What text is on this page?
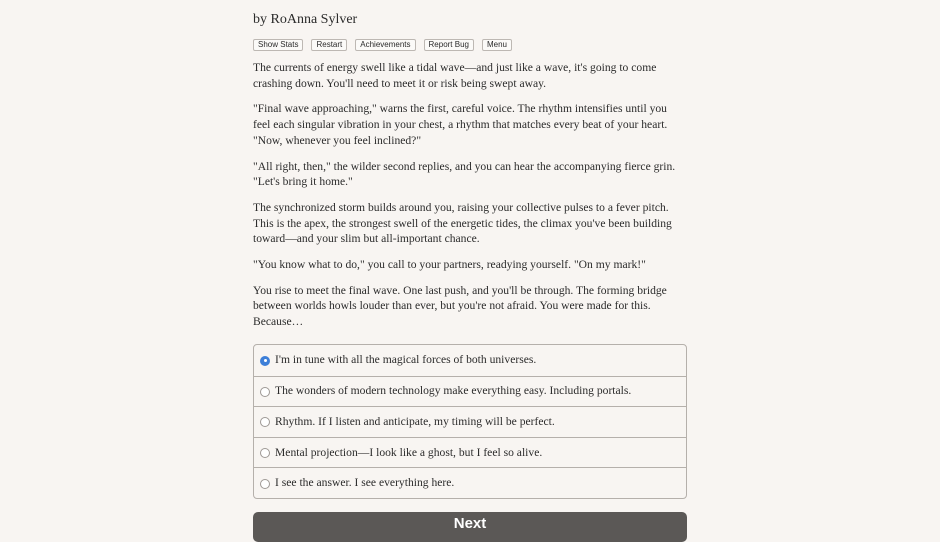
by RoAnna Sylver
Show Stats	Restart	Achievements	Report Bug	Menu

The currents of energy swell like a tidal wave—and just like a wave, it's going to come crashing down. You'll need to meet it or risk being swept away.

"Final wave approaching," warns the first, careful voice. The rhythm intensifies until you feel each singular vibration in your chest, a rhythm that matches every beat of your heart. "Now, whenever you feel inclined?"

"All right, then," the wilder second replies, and you can hear the accompanying fierce grin. "Let's bring it home."

The synchronized storm builds around you, raising your collective pulses to a fever pitch. This is the apex, the strongest swell of the energetic tides, the climax you've been building toward—and your slim but all-important chance.

"You know what to do," you call to your partners, readying yourself. "On my mark!"

You rise to meet the final wave. One last push, and you'll be through. The forming bridge between worlds howls louder than ever, but you're not afraid. You were made for this. Because…

I'm in tune with all the magical forces of both universes.
The wonders of modern technology make everything easy. Including portals.
Rhythm. If I listen and anticipate, my timing will be perfect.
Mental projection—I look like a ghost, but I feel so alive.
I see the answer. I see everything here.
Next
